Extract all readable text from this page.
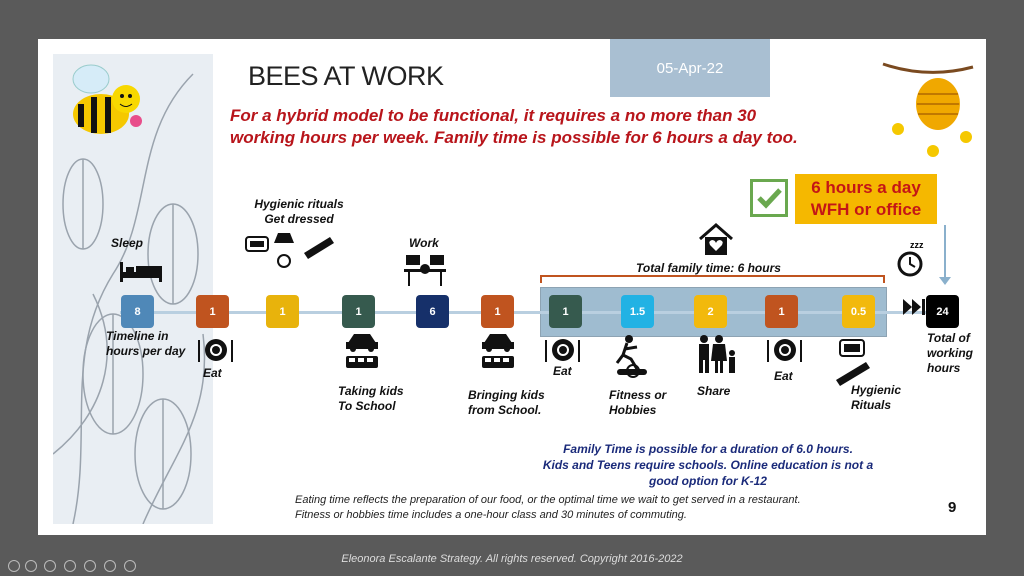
BEES AT WORK	05-Apr-22
For a hybrid model to be functional, it requires a no more than 30
working hours per week. Family time is possible for 6 hours a day too.
6 hours a day
WFH or office
Total family time: 6 hours
8	1	1	1	6	1	1	1.5	2	1	0.5	24
zzz
Sleep
Timeline in
hours per day
Eat
Hygienic rituals
Get dressed
Work
Taking kids
To School
Bringing kids
from School.
Eat
Fitness or
Hobbies
Share
Eat
Hygienic
Rituals
Total of
working
hours
Family Time is possible for a duration of 6.0 hours.
Kids and Teens require schools. Online education is not a
good option for K-12
Eating time reflects the preparation of our food, or the optimal time we wait to get served in a restaurant.
Fitness or hobbies time includes a one-hour class and 30 minutes of commuting.	9
Eleonora Escalante Strategy. All rights reserved. Copyright 2016-2022
